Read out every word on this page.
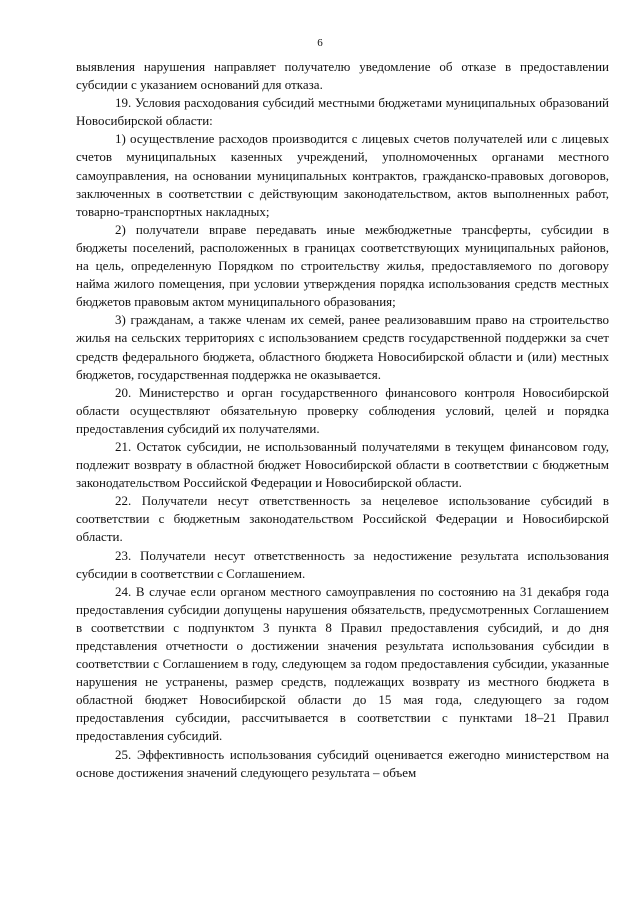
6

выявления нарушения направляет получателю уведомление об отказе в предоставлении субсидии с указанием оснований для отказа.

19. Условия расходования субсидий местными бюджетами муниципальных образований Новосибирской области:

1) осуществление расходов производится с лицевых счетов получателей или с лицевых счетов муниципальных казенных учреждений, уполномоченных органами местного самоуправления, на основании муниципальных контрактов, гражданско-правовых договоров, заключенных в соответствии с действующим законодательством, актов выполненных работ, товарно-транспортных накладных;

2) получатели вправе передавать иные межбюджетные трансферты, субсидии в бюджеты поселений, расположенных в границах соответствующих муниципальных районов, на цель, определенную Порядком по строительству жилья, предоставляемого по договору найма жилого помещения, при условии утверждения порядка использования средств местных бюджетов правовым актом муниципального образования;

3) гражданам, а также членам их семей, ранее реализовавшим право на строительство жилья на сельских территориях с использованием средств государственной поддержки за счет средств федерального бюджета, областного бюджета Новосибирской области и (или) местных бюджетов, государственная поддержка не оказывается.

20. Министерство и орган государственного финансового контроля Новосибирской области осуществляют обязательную проверку соблюдения условий, целей и порядка предоставления субсидий их получателями.

21. Остаток субсидии, не использованный получателями в текущем финансовом году, подлежит возврату в областной бюджет Новосибирской области в соответствии с бюджетным законодательством Российской Федерации и Новосибирской области.

22. Получатели несут ответственность за нецелевое использование субсидий в соответствии с бюджетным законодательством Российской Федерации и Новосибирской области.

23. Получатели несут ответственность за недостижение результата использования субсидии в соответствии с Соглашением.

24. В случае если органом местного самоуправления по состоянию на 31 декабря года предоставления субсидии допущены нарушения обязательств, предусмотренных Соглашением в соответствии с подпунктом 3 пункта 8 Правил предоставления субсидий, и до дня представления отчетности о достижении значения результата использования субсидии в соответствии с Соглашением в году, следующем за годом предоставления субсидии, указанные нарушения не устранены, размер средств, подлежащих возврату из местного бюджета в областной бюджет Новосибирской области до 15 мая года, следующего за годом предоставления субсидии, рассчитывается в соответствии с пунктами 18–21 Правил предоставления субсидий.

25. Эффективность использования субсидий оценивается ежегодно министерством на основе достижения значений следующего результата – объем
